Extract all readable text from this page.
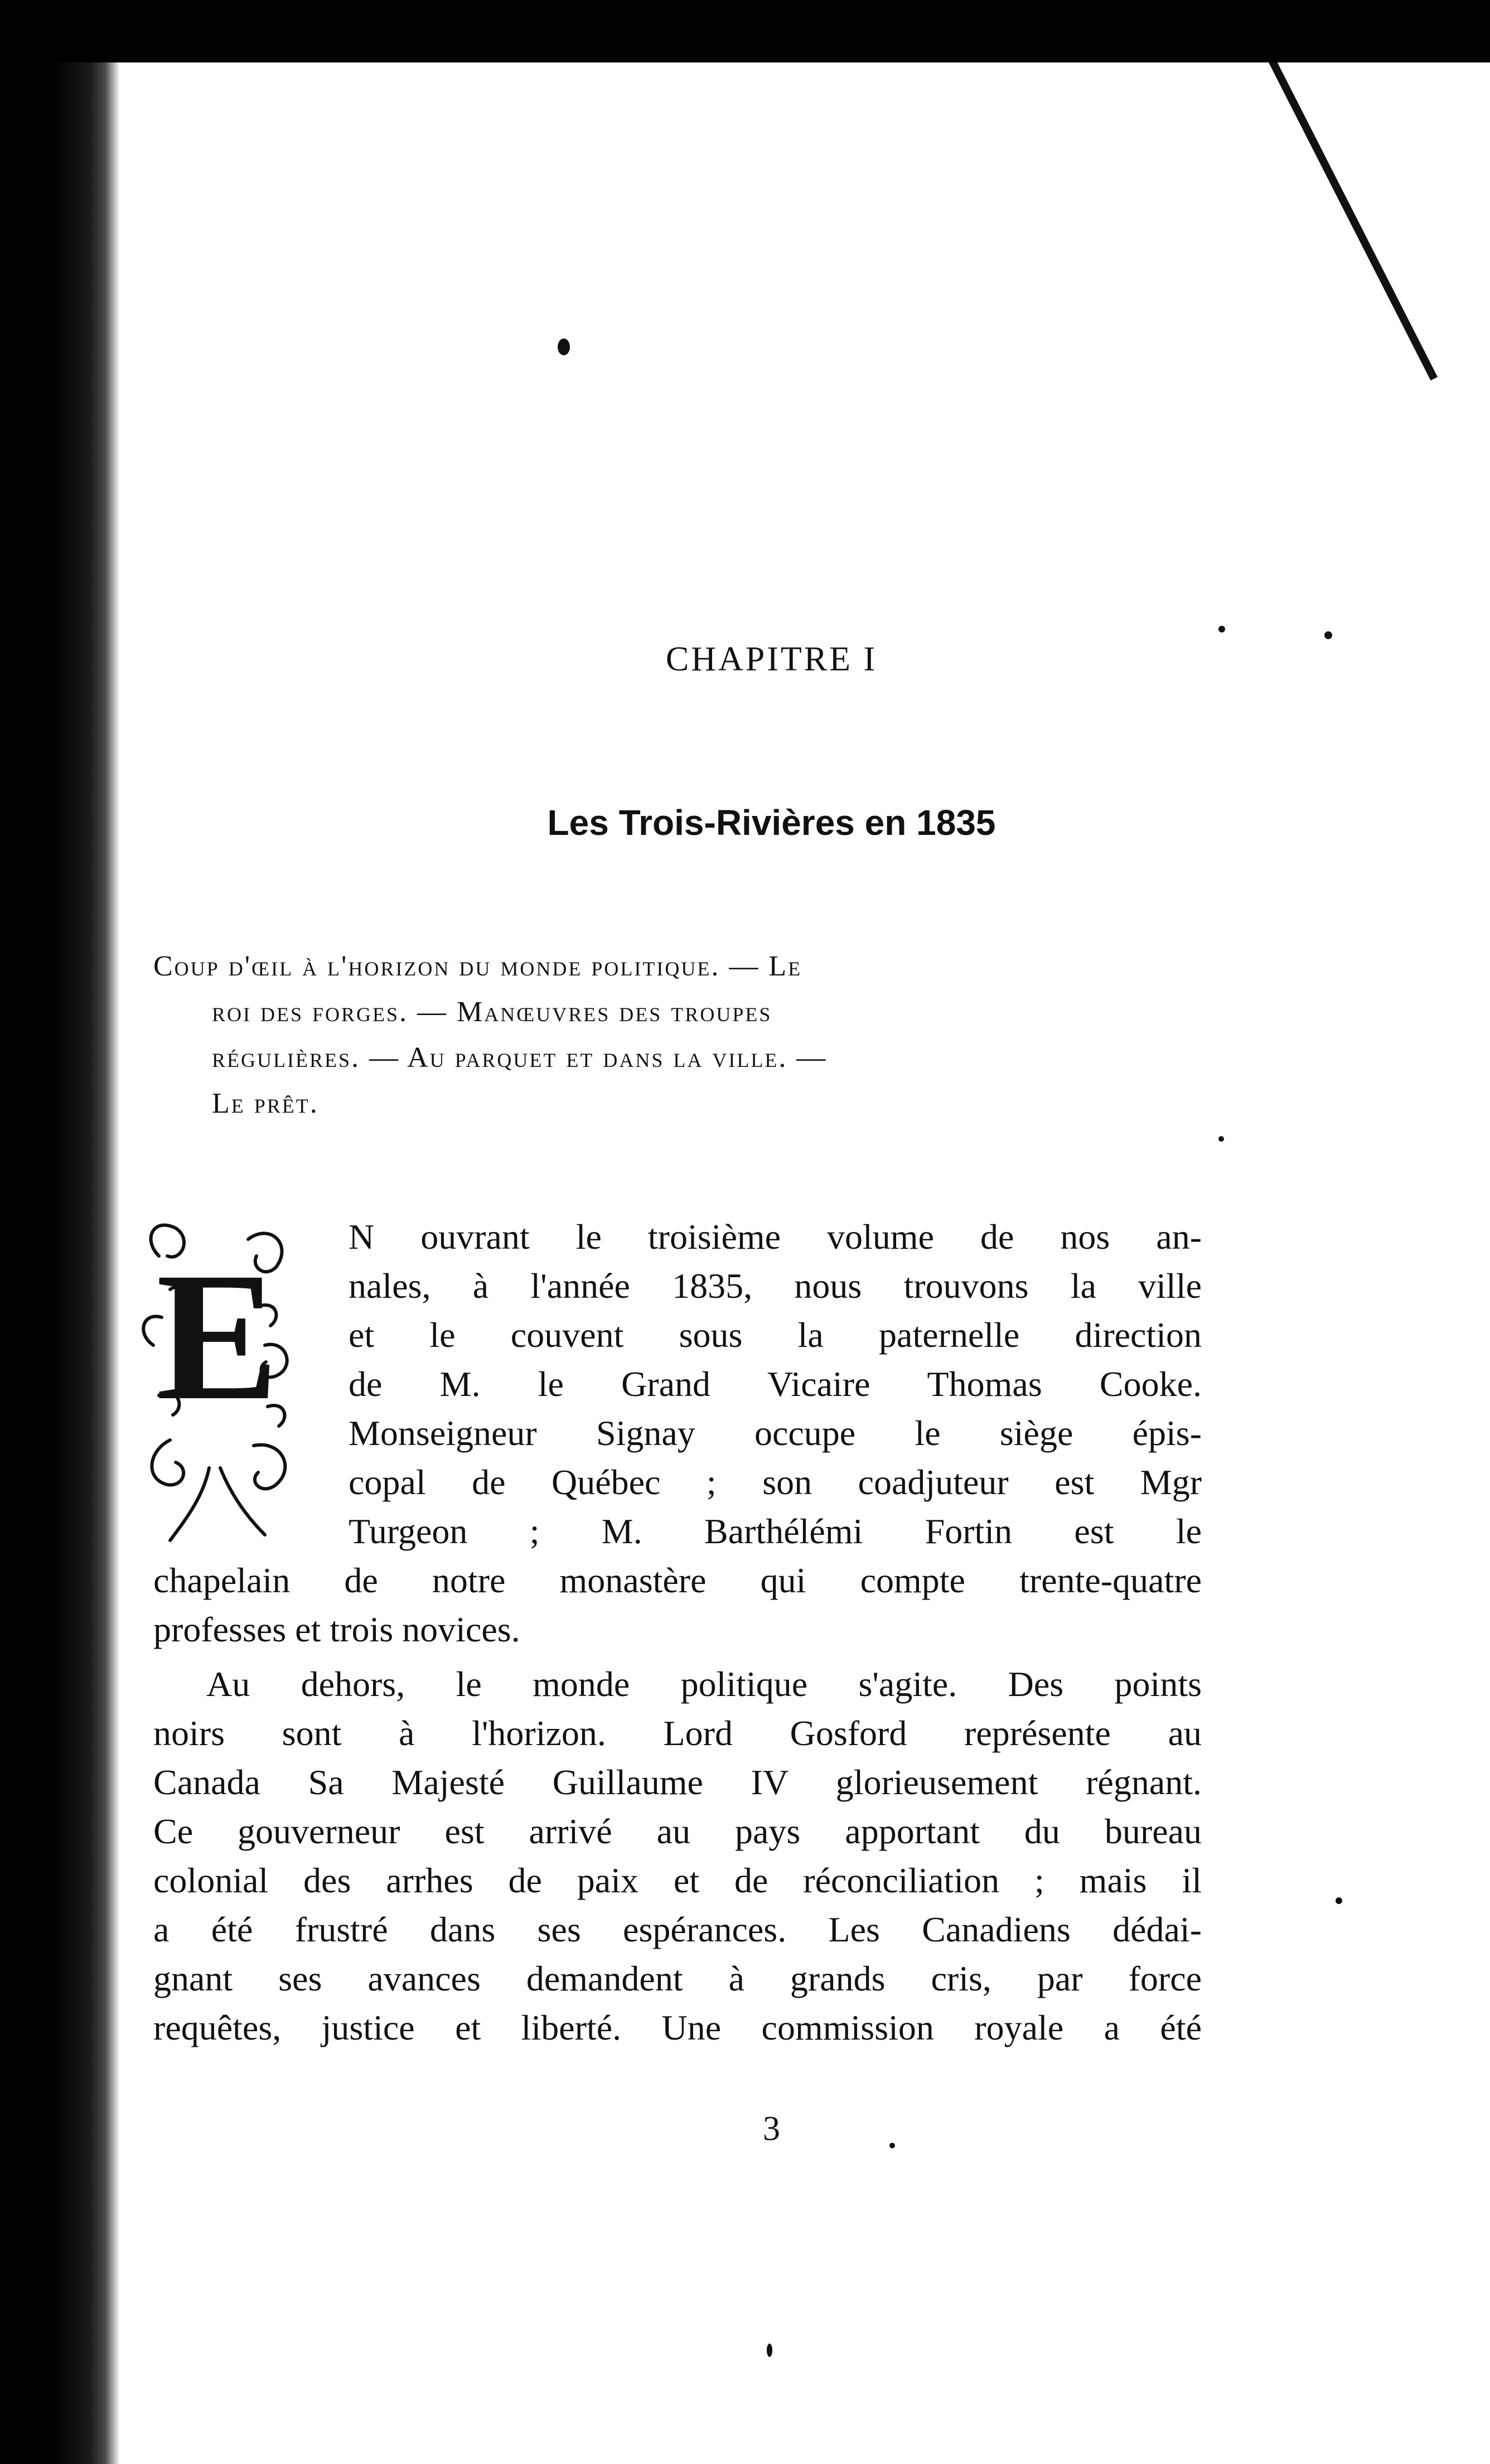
CHAPITRE I
Les Trois-Rivières en 1835
Coup d'œil à l'horizon du monde politique. — Le
roi des forges. — Manœuvres des troupes
régulières. — Au parquet et dans la ville. —
Le prêt.
E N ouvrant le troisième volume de nos an-
nales, à l'année 1835, nous trouvons la ville
et le couvent sous la paternelle direction
de M. le Grand Vicaire Thomas Cooke.
Monseigneur Signay occupe le siège épis-
copal de Québec ; son coadjuteur est Mgr
Turgeon ; M. Barthélémi Fortin est le
chapelain de notre monastère qui compte trente-quatre
professes et trois novices.
Au dehors, le monde politique s'agite. Des points
noirs sont à l'horizon. Lord Gosford représente au
Canada Sa Majesté Guillaume IV glorieusement régnant.
Ce gouverneur est arrivé au pays apportant du bureau
colonial des arrhes de paix et de réconciliation ; mais il
a été frustré dans ses espérances. Les Canadiens dédai-
gnant ses avances demandent à grands cris, par force
requêtes, justice et liberté. Une commission royale a été
3
